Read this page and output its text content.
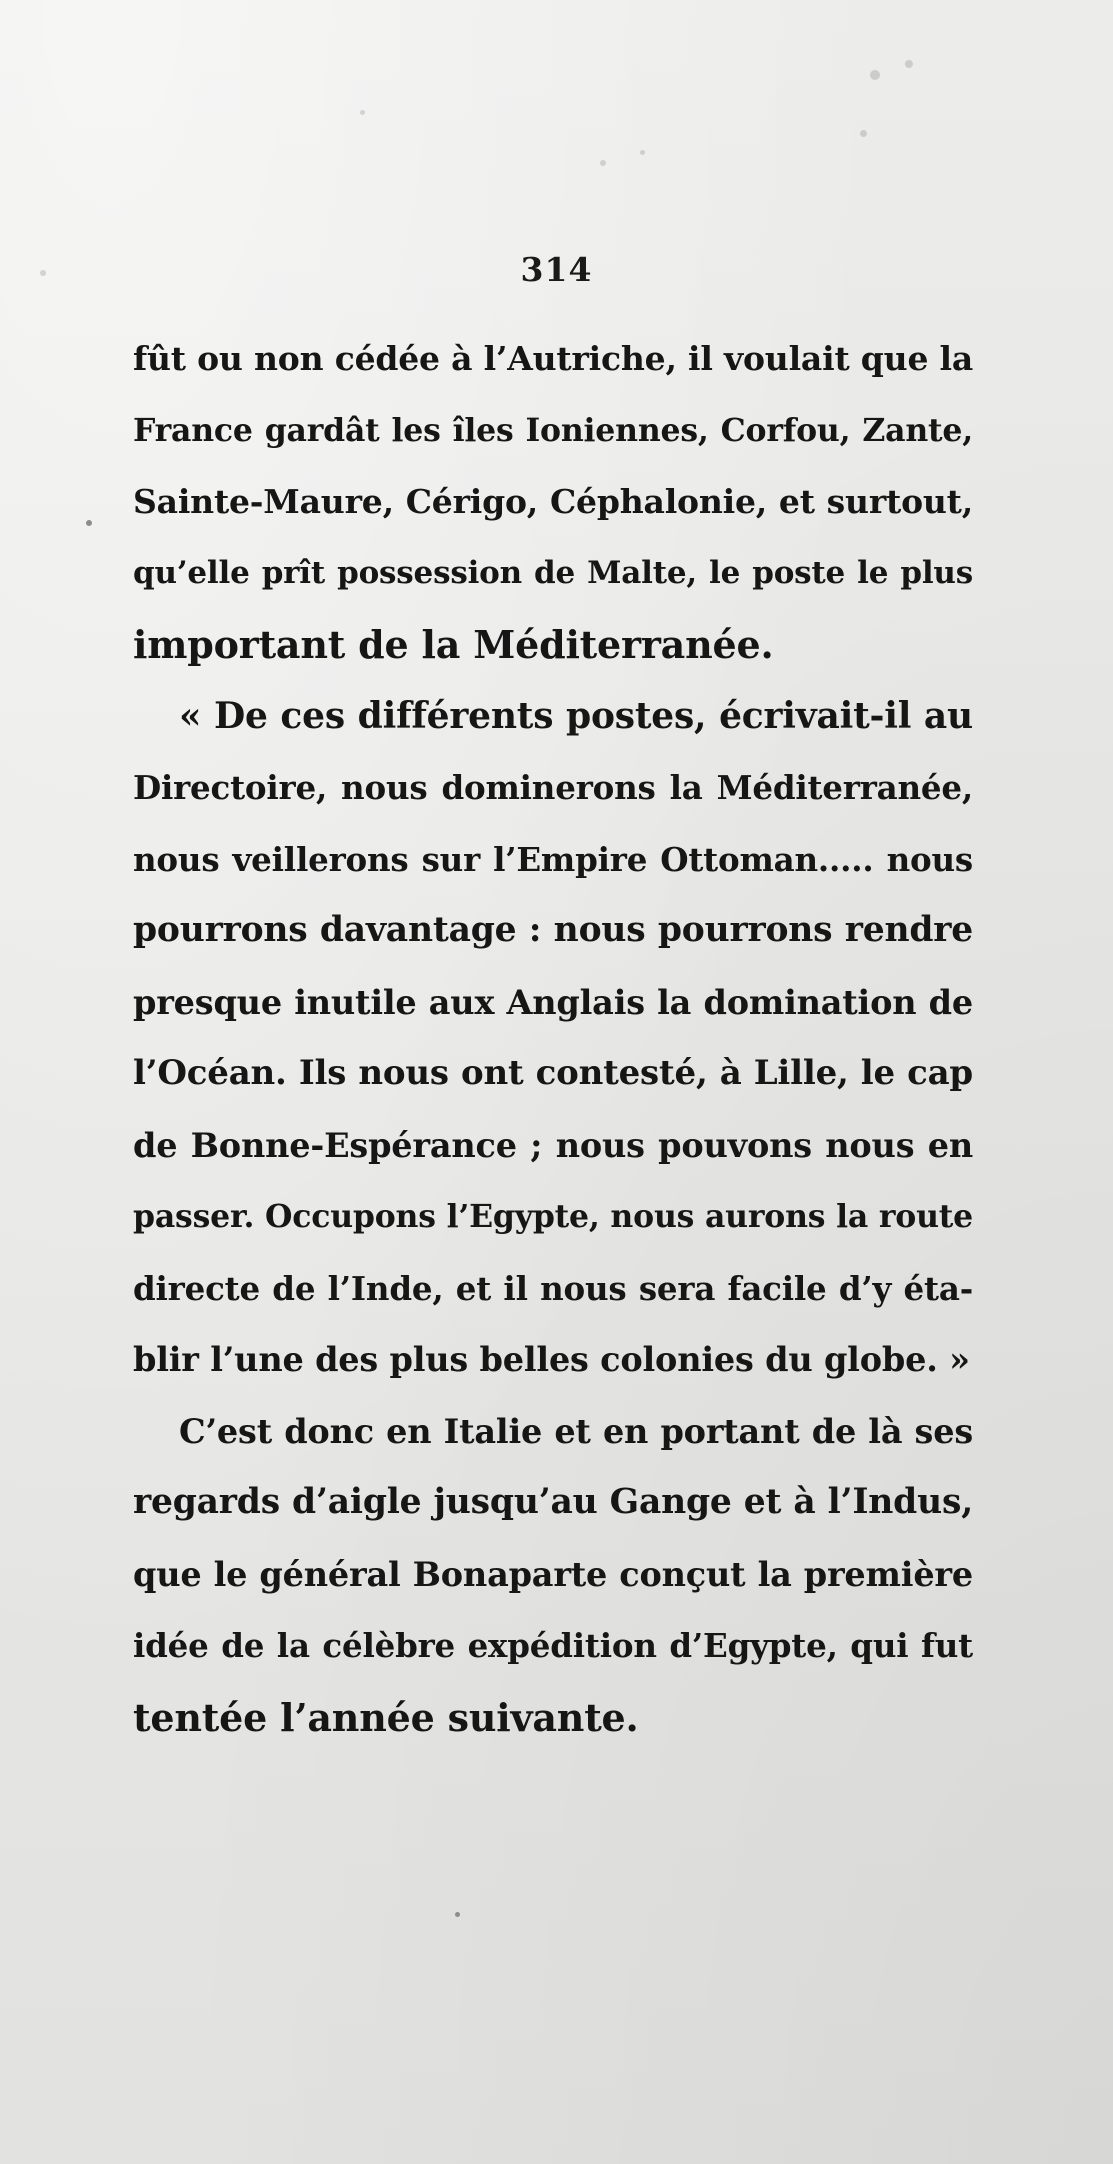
314
fût ou non cédée à l’Autriche, il voulait que la
France gardât les îles Ioniennes, Corfou, Zante,
Sainte-Maure, Cérigo, Céphalonie, et surtout,
qu’elle prît possession de Malte, le poste le plus
important de la Méditerranée.
« De ces différents postes, écrivait-il au
Directoire, nous dominerons la Méditerranée,
nous veillerons sur l’Empire Ottoman..... nous
pourrons davantage : nous pourrons rendre
presque inutile aux Anglais la domination de
l’Océan. Ils nous ont contesté, à Lille, le cap
de Bonne-Espérance ; nous pouvons nous en
passer. Occupons l’Egypte, nous aurons la route
directe de l’Inde, et il nous sera facile d’y éta-
blir l’une des plus belles colonies du globe. »
C’est donc en Italie et en portant de là ses
regards d’aigle jusqu’au Gange et à l’Indus,
que le général Bonaparte conçut la première
idée de la célèbre expédition d’Egypte, qui fut
tentée l’année suivante.
